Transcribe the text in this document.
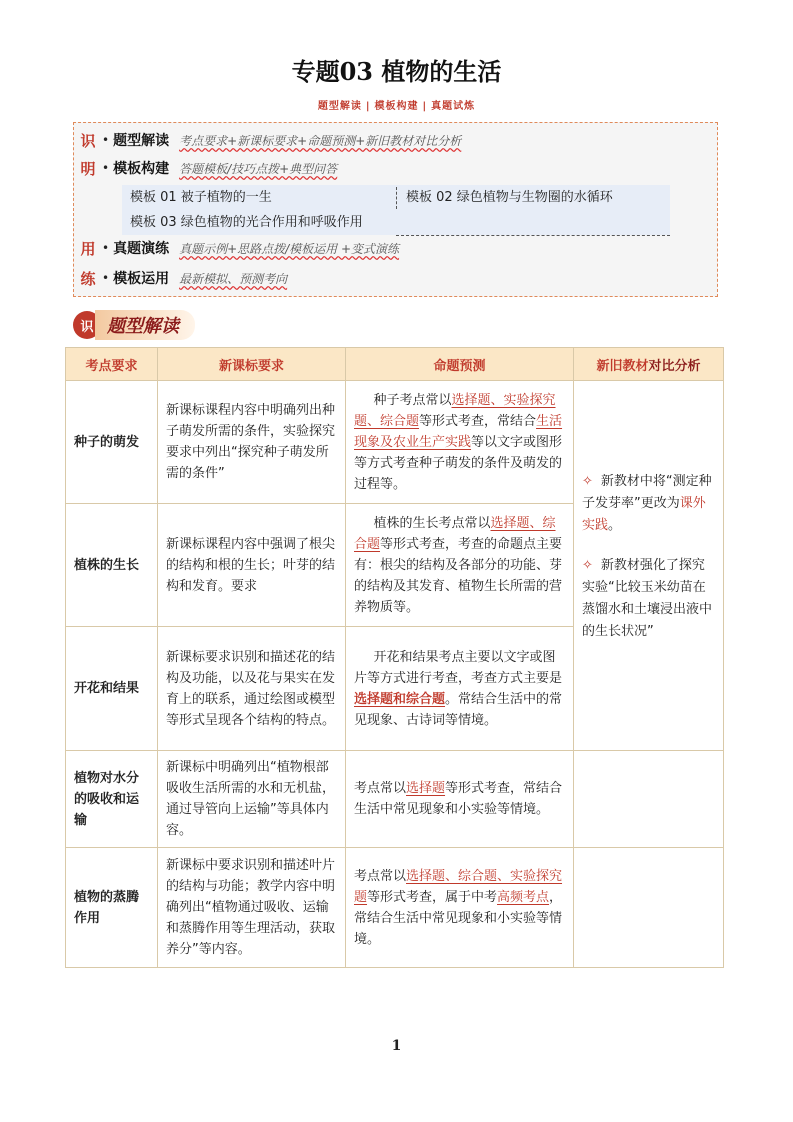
专题03 植物的生活
题型解读 | 模板构建 | 真题试炼
识 • 题型解读 考点要求+新课标要求+命题预测+新旧教材对比分析
明 • 模板构建 答题模板/技巧点拨+典型问答
模板 01 被子植物的一生	模板 02 绿色植物与生物圈的水循环
模板 03 绿色植物的光合作用和呼吸作用
用 • 真题演练 真题示例+思路点拨/模板运用 +变式演练
练 • 模板运用 最新模拟、预测考向
识 题型解读
考点要求	新课标要求	命题预测	新旧教材对比分析
种子的萌发	新课标课程内容中明确列出种子萌发所需的条件，实验探究要求中列出“探究种子萌发所需的条件”	  种子考点常以选择题、实验探究题、综合题等形式考查，常结合生活现象及农业生产实践等以文字或图形等方式考查种子萌发的条件及萌发的过程等。	✧ 新教材中将“测定种子发芽率”更改为课外实践。
✧ 新教材强化了探究实验“比较玉米幼苗在蒸馏水和土壤浸出液中的生长状况”

植株的生长	新课标课程内容中强调了根尖的结构和根的生长；叶芽的结构和发育。要求	  植株的生长考点常以选择题、综合题等形式考查，考查的命题点主要有：根尖的结构及各部分的功能、芽的结构及其发育、植物生长所需的营养物质等。	
开花和结果	新课标要求识别和描述花的结构及功能，以及花与果实在发育上的联系，通过绘图或模型等形式呈现各个结构的特点。	  开花和结果考点主要以文字或图片等方式进行考查，考查方式主要是选择题和综合题。常结合生活中的常见现象、古诗词等情境。	
植物对水分的吸收和运输	新课标中明确列出“植物根部吸收生活所需的水和无机盐，通过导管向上运输”等具体内容。	考点常以选择题等形式考查，常结合生活中常见现象和小实验等情境。	
植物的蒸腾作用	新课标中要求识别和描述叶片的结构与功能；教学内容中明确列出“植物通过吸收、运输和蒸腾作用等生理活动，获取养分”等内容。	考点常以选择题、综合题、实验探究题等形式考查，属于中考高频考点，常结合生活中常见现象和小实验等情境。	
1
